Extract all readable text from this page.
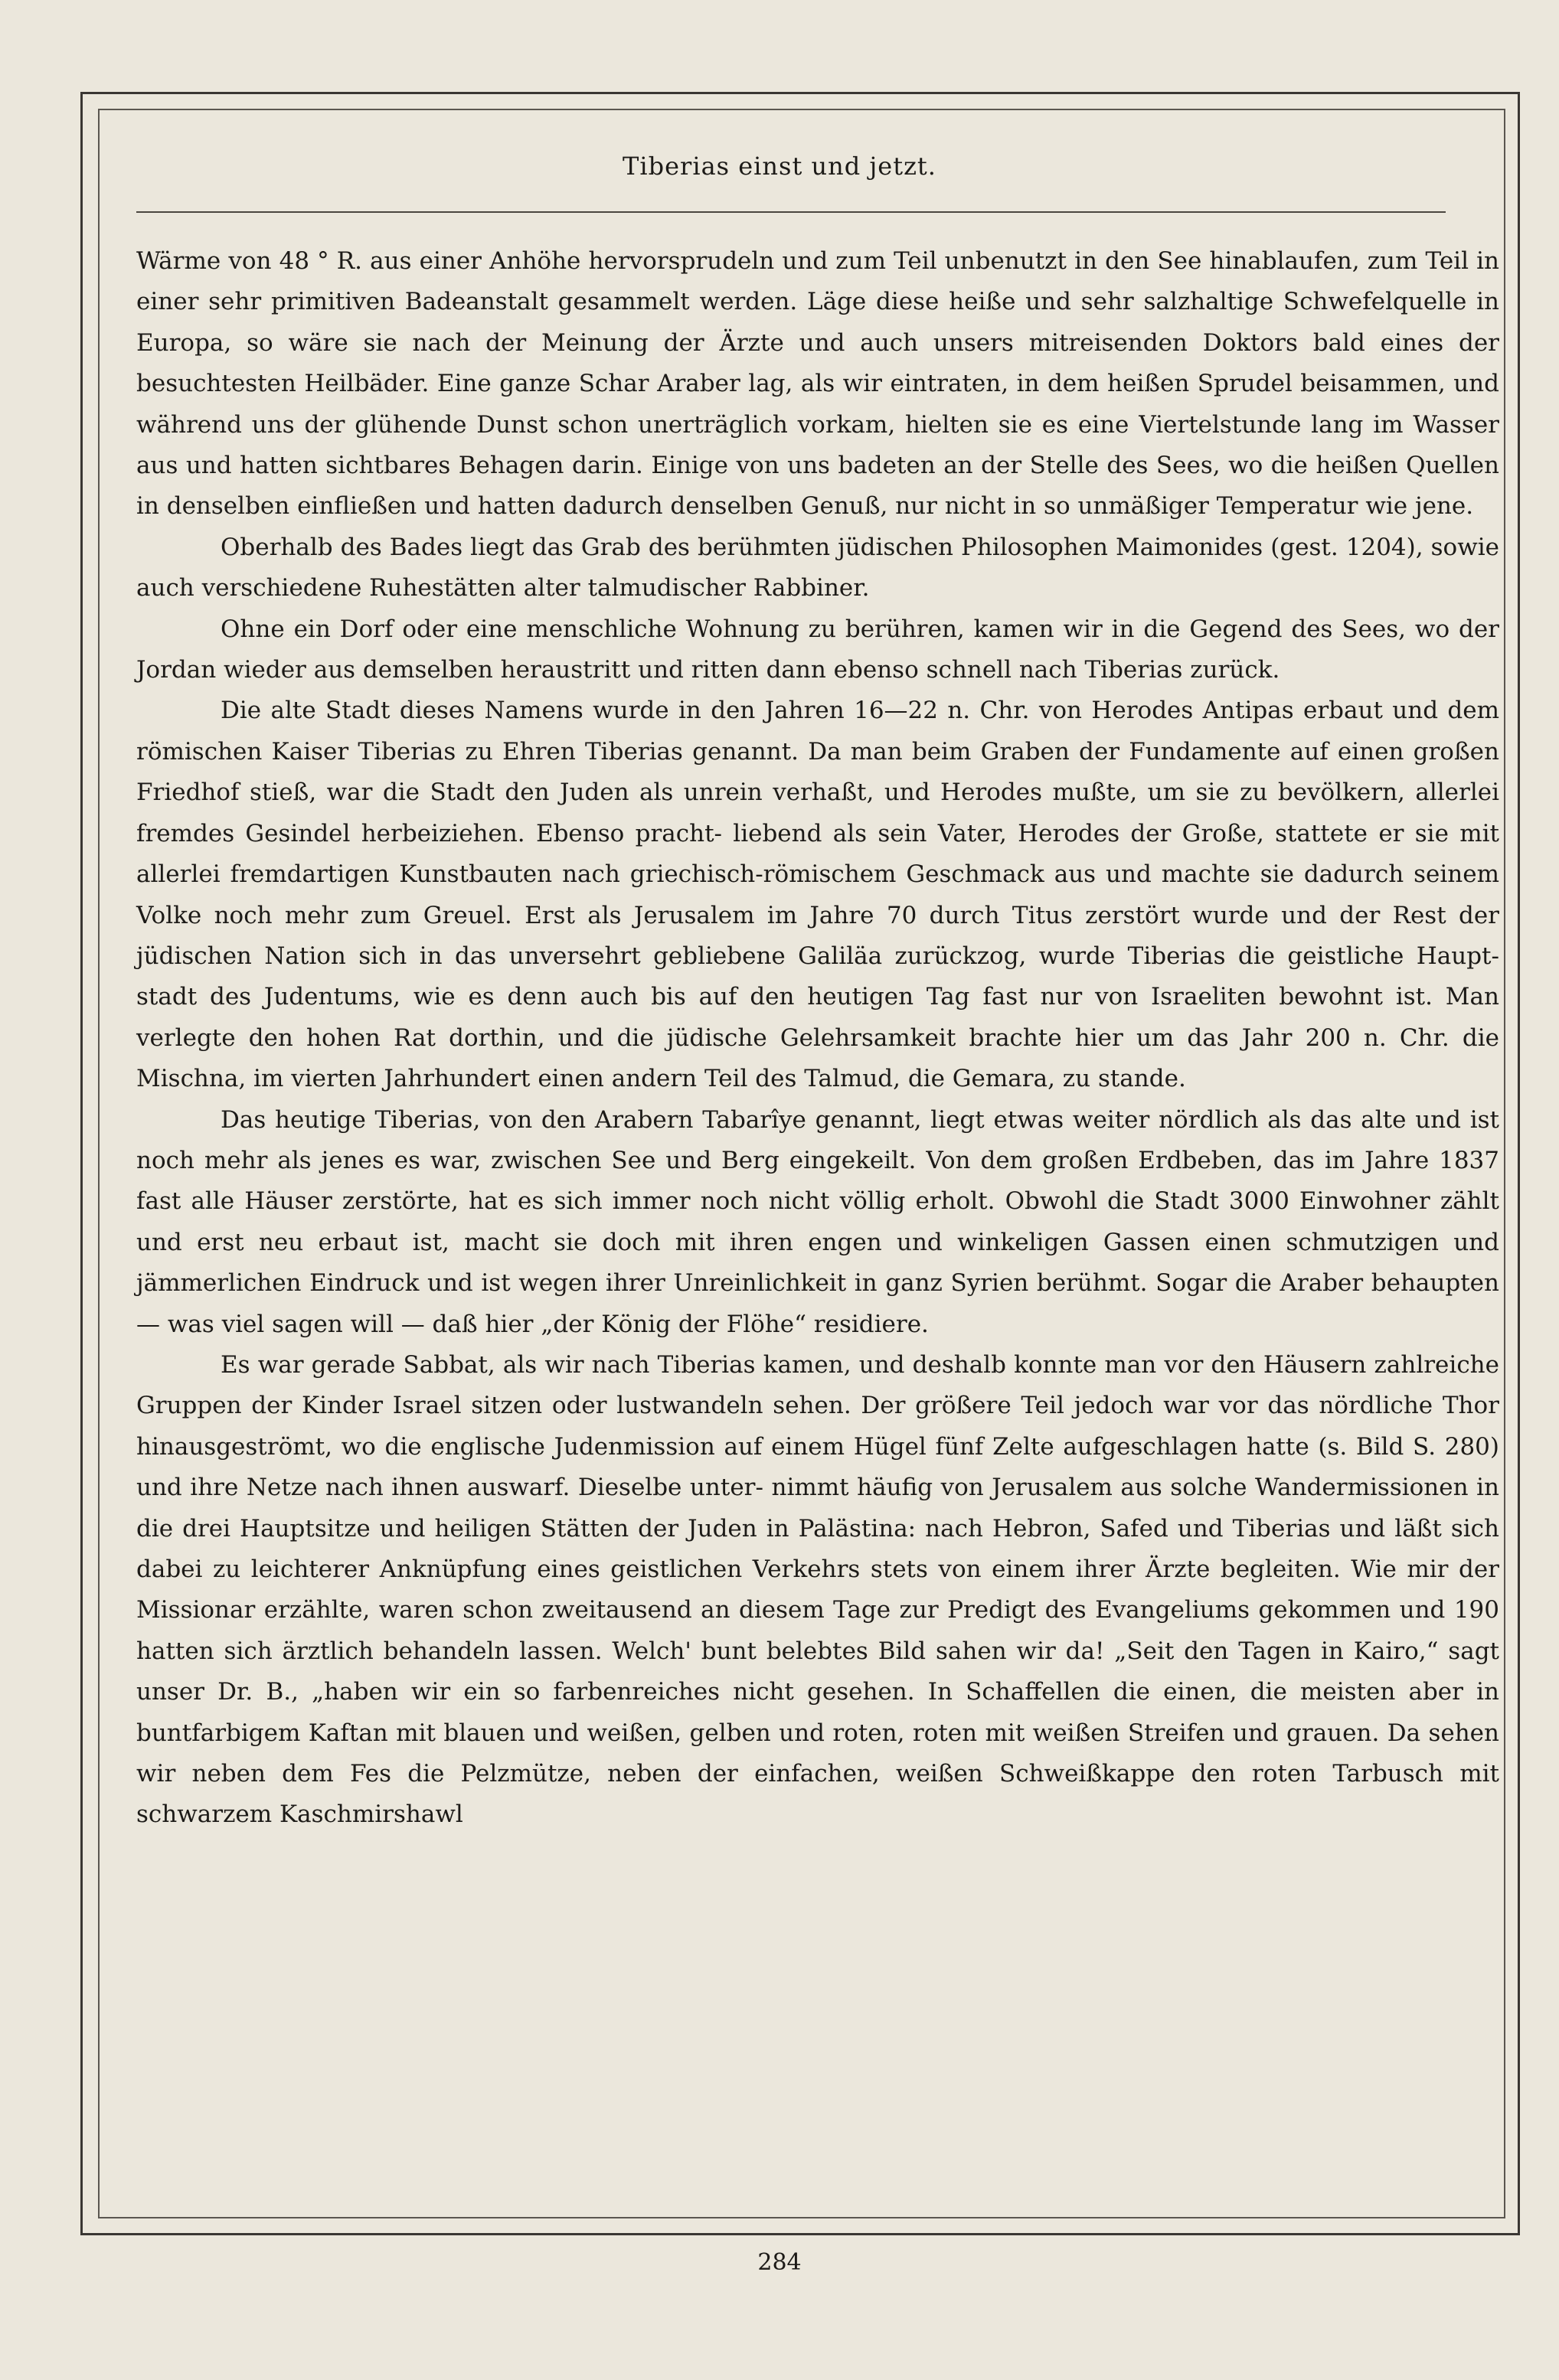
Tiberias einst und jetzt.

Wärme von 48 ° R. aus einer Anhöhe hervorsprudeln und zum Teil unbenutzt in den See hinablaufen, zum Teil in einer sehr primitiven Badeanstalt gesammelt werden. Läge diese heiße und sehr salzhaltige Schwefelquelle in Europa, so wäre sie nach der Meinung der Ärzte und auch unsers mitreisenden Doktors bald eines der besuchtesten Heilbäder. Eine ganze Schar Araber lag, als wir eintraten, in dem heißen Sprudel beisammen, und während uns der glühende Dunst schon unerträglich vorkam, hielten sie es eine Viertelstunde lang im Wasser aus und hatten sichtbares Behagen darin. Einige von uns badeten an der Stelle des Sees, wo die heißen Quellen in denselben einfließen und hatten dadurch denselben Genuß, nur nicht in so unmäßiger Temperatur wie jene.

Oberhalb des Bades liegt das Grab des berühmten jüdischen Philosophen Maimonides (gest. 1204), sowie auch verschiedene Ruhestätten alter talmudischer Rabbiner.

Ohne ein Dorf oder eine menschliche Wohnung zu berühren, kamen wir in die Gegend des Sees, wo der Jordan wieder aus demselben heraustritt und ritten dann ebenso schnell nach Tiberias zurück.

Die alte Stadt dieses Namens wurde in den Jahren 16—22 n. Chr. von Herodes Antipas erbaut und dem römischen Kaiser Tiberias zu Ehren Tiberias genannt. Da man beim Graben der Fundamente auf einen großen Friedhof stieß, war die Stadt den Juden als unrein verhaßt, und Herodes mußte, um sie zu bevölkern, allerlei fremdes Gesindel herbeiziehen. Ebenso pracht- liebend als sein Vater, Herodes der Große, stattete er sie mit allerlei fremdartigen Kunstbauten nach griechisch-römischem Geschmack aus und machte sie dadurch seinem Volke noch mehr zum Greuel. Erst als Jerusalem im Jahre 70 durch Titus zerstört wurde und der Rest der jüdischen Nation sich in das unversehrt gebliebene Galiläa zurückzog, wurde Tiberias die geistliche Haupt- stadt des Judentums, wie es denn auch bis auf den heutigen Tag fast nur von Israeliten bewohnt ist. Man verlegte den hohen Rat dorthin, und die jüdische Gelehrsamkeit brachte hier um das Jahr 200 n. Chr. die Mischna, im vierten Jahrhundert einen andern Teil des Talmud, die Gemara, zu stande.

Das heutige Tiberias, von den Arabern Tabarîye genannt, liegt etwas weiter nördlich als das alte und ist noch mehr als jenes es war, zwischen See und Berg eingekeilt. Von dem großen Erdbeben, das im Jahre 1837 fast alle Häuser zerstörte, hat es sich immer noch nicht völlig erholt. Obwohl die Stadt 3000 Einwohner zählt und erst neu erbaut ist, macht sie doch mit ihren engen und winkeligen Gassen einen schmutzigen und jämmerlichen Eindruck und ist wegen ihrer Unreinlichkeit in ganz Syrien berühmt. Sogar die Araber behaupten — was viel sagen will — daß hier „der König der Flöhe“ residiere.

Es war gerade Sabbat, als wir nach Tiberias kamen, und deshalb konnte man vor den Häusern zahlreiche Gruppen der Kinder Israel sitzen oder lustwandeln sehen. Der größere Teil jedoch war vor das nördliche Thor hinausgeströmt, wo die englische Judenmission auf einem Hügel fünf Zelte aufgeschlagen hatte (s. Bild S. 280) und ihre Netze nach ihnen auswarf. Dieselbe unter- nimmt häufig von Jerusalem aus solche Wandermissionen in die drei Hauptsitze und heiligen Stätten der Juden in Palästina: nach Hebron, Safed und Tiberias und läßt sich dabei zu leichterer Anknüpfung eines geistlichen Verkehrs stets von einem ihrer Ärzte begleiten. Wie mir der Missionar erzählte, waren schon zweitausend an diesem Tage zur Predigt des Evangeliums gekommen und 190 hatten sich ärztlich behandeln lassen. Welch' bunt belebtes Bild sahen wir da! „Seit den Tagen in Kairo,“ sagt unser Dr. B., „haben wir ein so farbenreiches nicht gesehen. In Schaffellen die einen, die meisten aber in buntfarbigem Kaftan mit blauen und weißen, gelben und roten, roten mit weißen Streifen und grauen. Da sehen wir neben dem Fes die Pelzmütze, neben der einfachen, weißen Schweißkappe den roten Tarbusch mit schwarzem Kaschmirshawl

284
